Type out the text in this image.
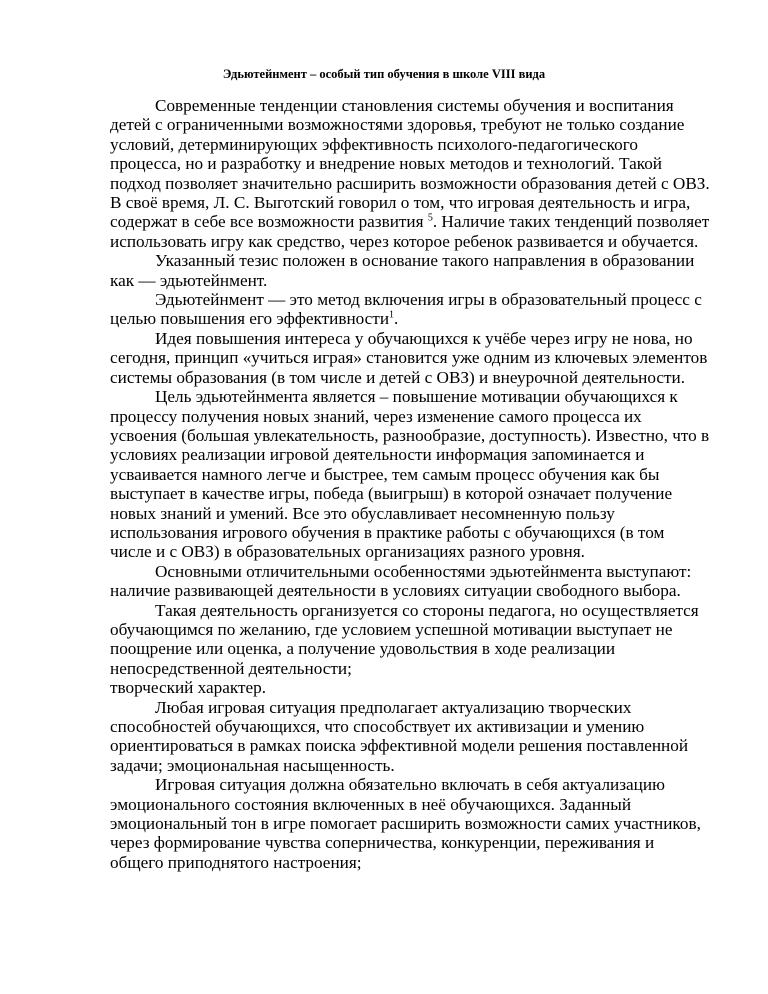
Эдьютейнмент – особый тип обучения в школе VIII вида

Современные тенденции становления системы обучения и воспитания детей с ограниченными возможностями здоровья, требуют не только создание условий, детерминирующих эффективность психолого-педагогического процесса, но и разработку и внедрение новых методов и технологий. Такой подход позволяет значительно расширить возможности образования детей с ОВЗ. В своё время, Л. С. Выготский говорил о том, что игровая деятельность и игра, содержат в себе все возможности развития $^5$. Наличие таких тенденций позволяет использовать игру как средство, через которое ребенок развивается и обучается.

Указанный тезис положен в основание такого направления в образовании как — эдьютейнмент.

Эдьютейнмент — это метод включения игры в образовательный процесс с целью повышения его эффективности$^1$.

Идея повышения интереса у обучающихся к учёбе через игру не нова, но сегодня, принцип «учиться играя» становится уже одним из ключевых элементов системы образования (в том числе и детей с ОВЗ) и внеурочной деятельности.

Цель эдьютейнмента является – повышение мотивации обучающихся к процессу получения новых знаний, через изменение самого процесса их усвоения (большая увлекательность, разнообразие, доступность). Известно, что в условиях реализации игровой деятельности информация запоминается и усваивается намного легче и быстрее, тем самым процесс обучения как бы выступает в качестве игры, победа (выигрыш) в которой означает получение новых знаний и умений. Все это обуславливает несомненную пользу использования игрового обучения в практике работы с обучающихся (в том числе и с ОВЗ) в образовательных организациях разного уровня.

Основными отличительными особенностями эдьютейнмента выступают: наличие развивающей деятельности в условиях ситуации свободного выбора.

Такая деятельность организуется со стороны педагога, но осуществляется обучающимся по желанию, где условием успешной мотивации выступает не поощрение или оценка, а получение удовольствия в ходе реализации непосредственной деятельности;

творческий характер.

Любая игровая ситуация предполагает актуализацию творческих способностей обучающихся, что способствует их активизации и умению ориентироваться в рамках поиска эффективной модели решения поставленной задачи; эмоциональная насыщенность.

Игровая ситуация должна обязательно включать в себя актуализацию эмоционального состояния включенных в неё обучающихся. Заданный эмоциональный тон в игре помогает расширить возможности самих участников, через формирование чувства соперничества, конкуренции, переживания и общего приподнятого настроения;
